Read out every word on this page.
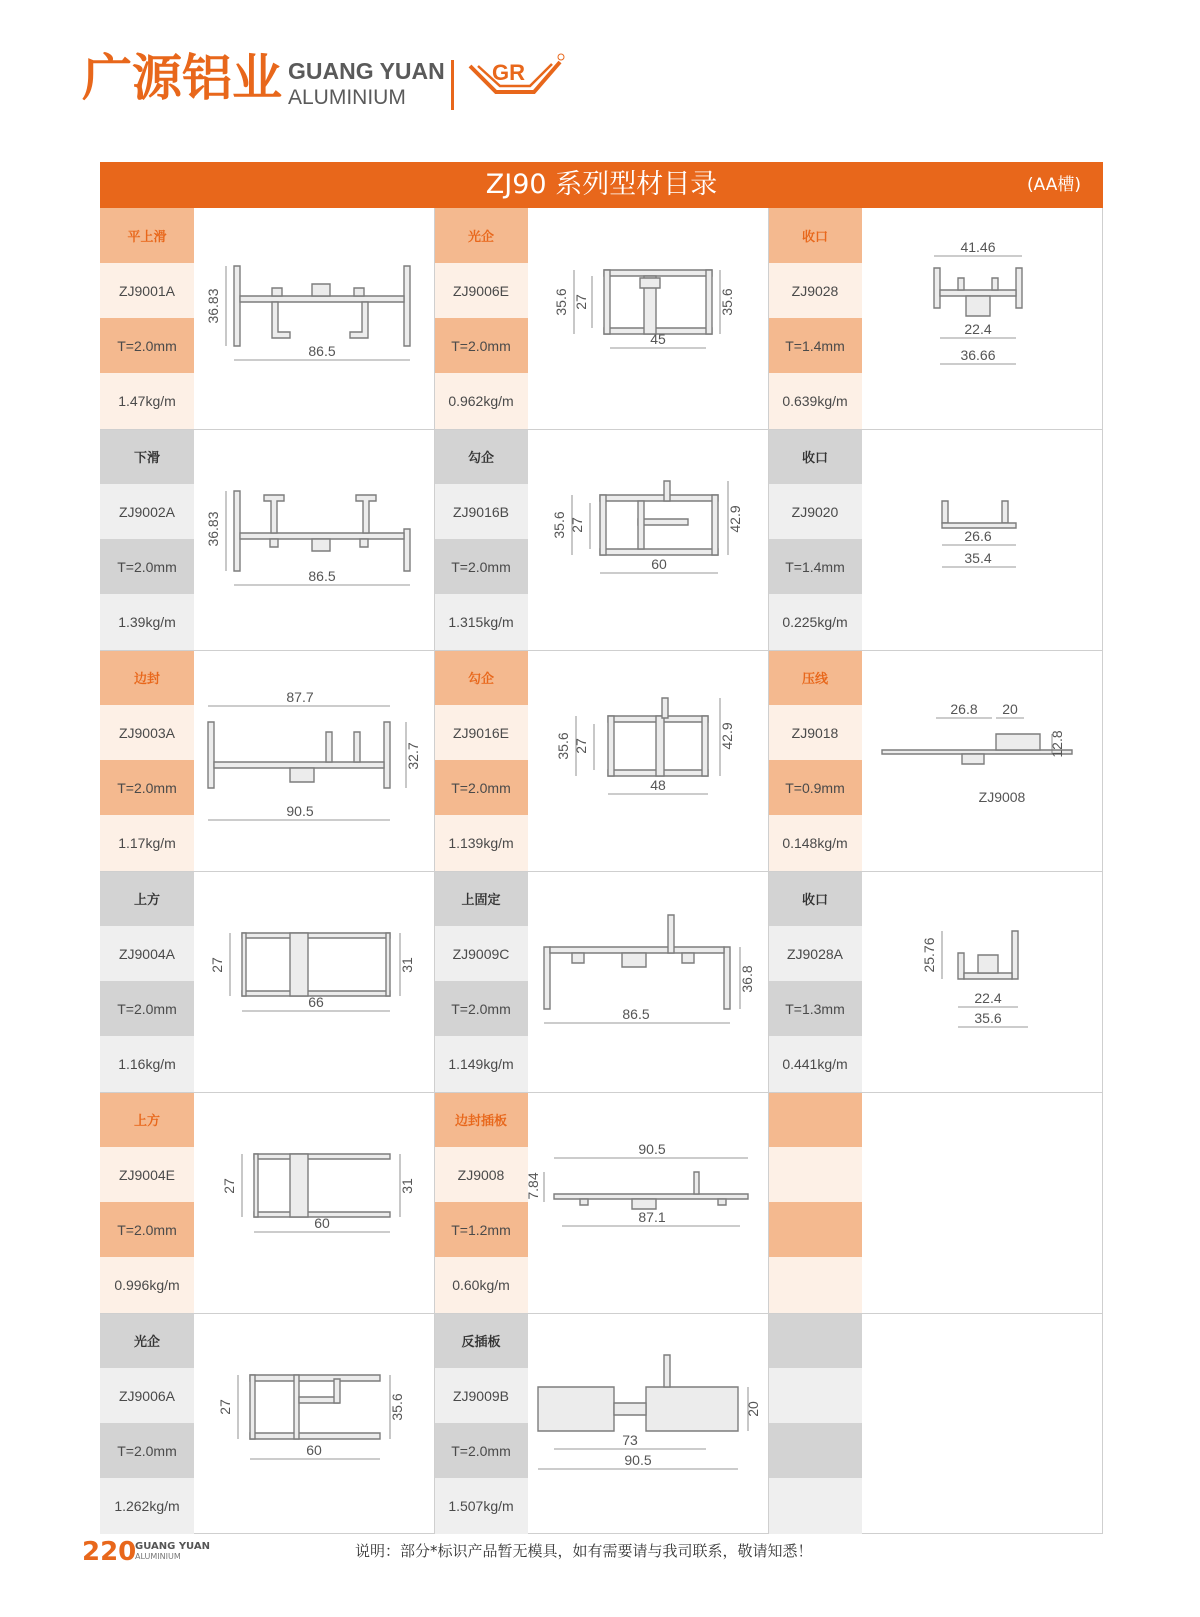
广源铝业 GUANG YUAN
ALUMINIUM
GR
ZJ90 系列型材目录	(AA槽)
平上滑
ZJ9001A
T=2.0mm
1.47kg/m
36.83
86.5
下滑
ZJ9002A
T=2.0mm
1.39kg/m
36.83
86.5
边封
ZJ9003A
T=2.0mm
1.17kg/m
87.7
32.7
90.5
上方
ZJ9004A
T=2.0mm
1.16kg/m
27	31
66
上方
ZJ9004E
T=2.0mm
0.996kg/m
27	31
60
光企
ZJ9006A
T=2.0mm
1.262kg/m
27	35.6
60
光企
ZJ9006E
T=2.0mm
0.962kg/m
35.6 27	35.6
45
勾企
ZJ9016B
T=2.0mm
1.315kg/m
35.6 27	42.9
60
勾企
ZJ9016E
T=2.0mm
1.139kg/m
35.6 27	42.9
48
上固定
ZJ9009C
T=2.0mm
1.149kg/m
36.8
86.5
边封插板
ZJ9008
T=1.2mm
0.60kg/m
90.5
7.84
87.1
反插板
ZJ9009B
T=2.0mm
1.507kg/m
20
73
90.5
收口
ZJ9028
T=1.4mm
0.639kg/m
41.46
22.4
36.66
收口
ZJ9020
T=1.4mm
0.225kg/m
26.6
35.4
压线
ZJ9018
T=0.9mm
0.148kg/m
26.8 20
12.8
ZJ9008
收口
ZJ9028A
T=1.3mm
0.441kg/m
25.76
22.4
35.6
220
GUANG YUAN
ALUMINIUM	说明：部分*标识产品暂无模具，如有需要请与我司联系，敬请知悉！
